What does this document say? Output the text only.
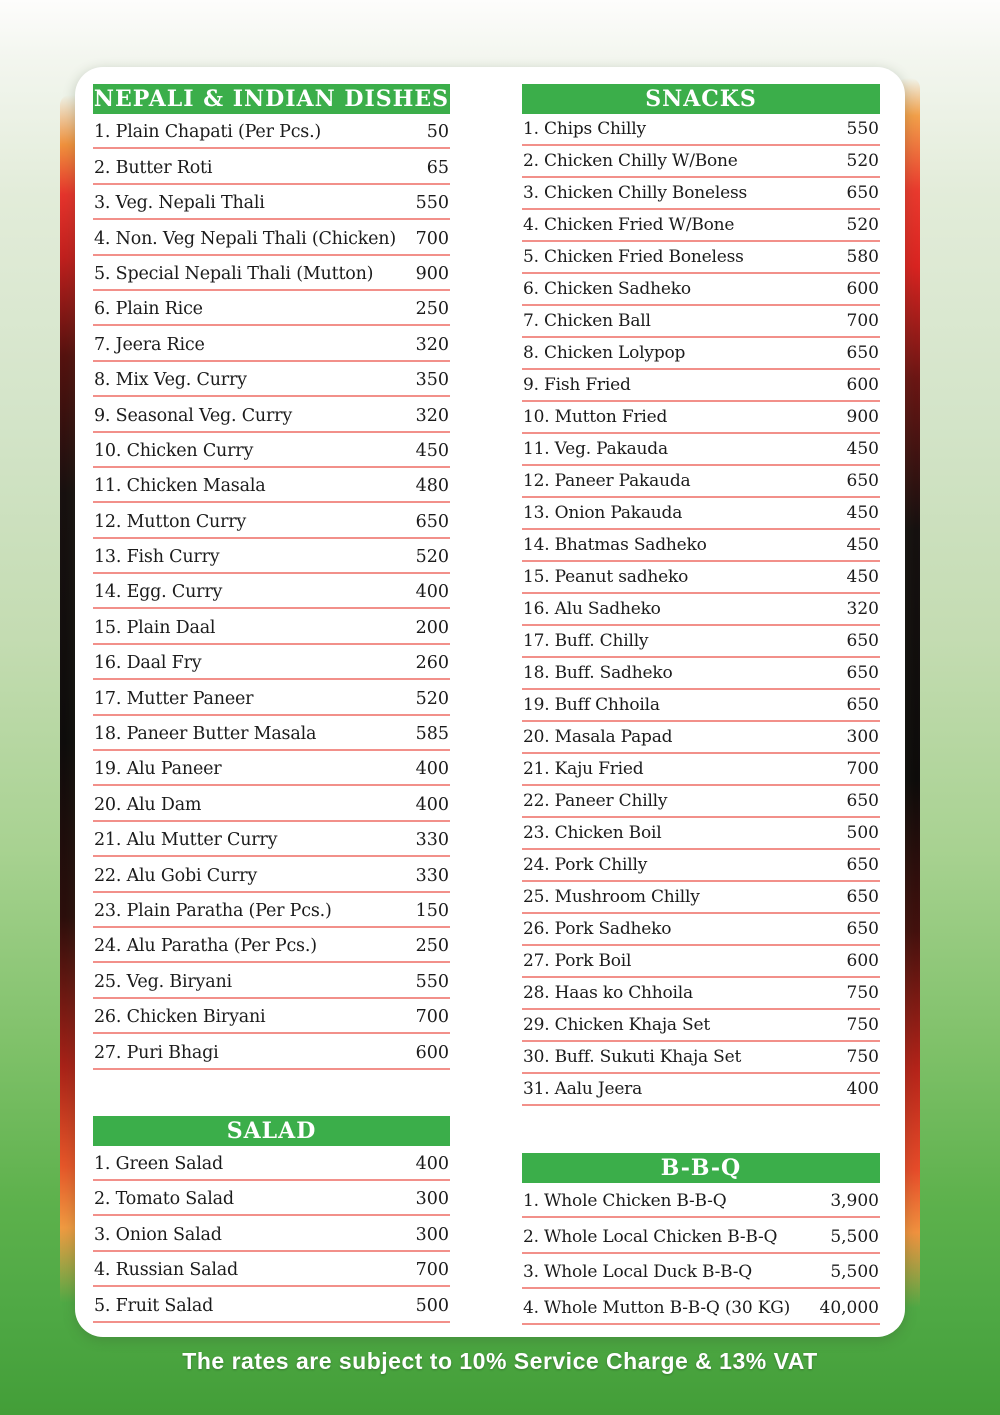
NEPALI & INDIAN DISHES
1. Plain Chapati (Per Pcs.)	50
2. Butter Roti	65
3. Veg. Nepali Thali	550
4. Non. Veg Nepali Thali (Chicken) 700
5. Special Nepali Thali (Mutton) 900
6. Plain Rice	250
7. Jeera Rice	320
8. Mix Veg. Curry	350
9. Seasonal Veg. Curry	320
10. Chicken Curry	450
11. Chicken Masala	480
12. Mutton Curry	650
13. Fish Curry	520
14. Egg. Curry	400
15. Plain Daal	200
16. Daal Fry	260
17. Mutter Paneer	520
18. Paneer Butter Masala	585
19. Alu Paneer	400
20. Alu Dam	400
21. Alu Mutter Curry	330
22. Alu Gobi Curry	330
23. Plain Paratha (Per Pcs.)	150
24. Alu Paratha (Per Pcs.)	250
25. Veg. Biryani	550
26. Chicken Biryani	700
27. Puri Bhagi	600
SALAD
1. Green Salad	400
2. Tomato Salad	300
3. Onion Salad	300
4. Russian Salad	700
5. Fruit Salad	500
SNACKS
1. Chips Chilly	550
2. Chicken Chilly W/Bone	520
3. Chicken Chilly Boneless	650
4. Chicken Fried W/Bone	520
5. Chicken Fried Boneless	580
6. Chicken Sadheko	600
7. Chicken Ball	700
8. Chicken Lolypop	650
9. Fish Fried	600
10. Mutton Fried	900
11. Veg. Pakauda	450
12. Paneer Pakauda	650
13. Onion Pakauda	450
14. Bhatmas Sadheko	450
15. Peanut sadheko	450
16. Alu Sadheko	320
17. Buff. Chilly	650
18. Buff. Sadheko	650
19. Buff Chhoila	650
20. Masala Papad	300
21. Kaju Fried	700
22. Paneer Chilly	650
23. Chicken Boil	500
24. Pork Chilly	650
25. Mushroom Chilly	650
26. Pork Sadheko	650
27. Pork Boil	600
28. Haas ko Chhoila	750
29. Chicken Khaja Set	750
30. Buff. Sukuti Khaja Set	750
31. Aalu Jeera	400
B-B-Q
1. Whole Chicken B-B-Q	3,900
2. Whole Local Chicken B-B-Q	5,500
3. Whole Local Duck B-B-Q	5,500
4. Whole Mutton B-B-Q (30 KG) 40,000
The rates are subject to 10% Service Charge & 13% VAT
